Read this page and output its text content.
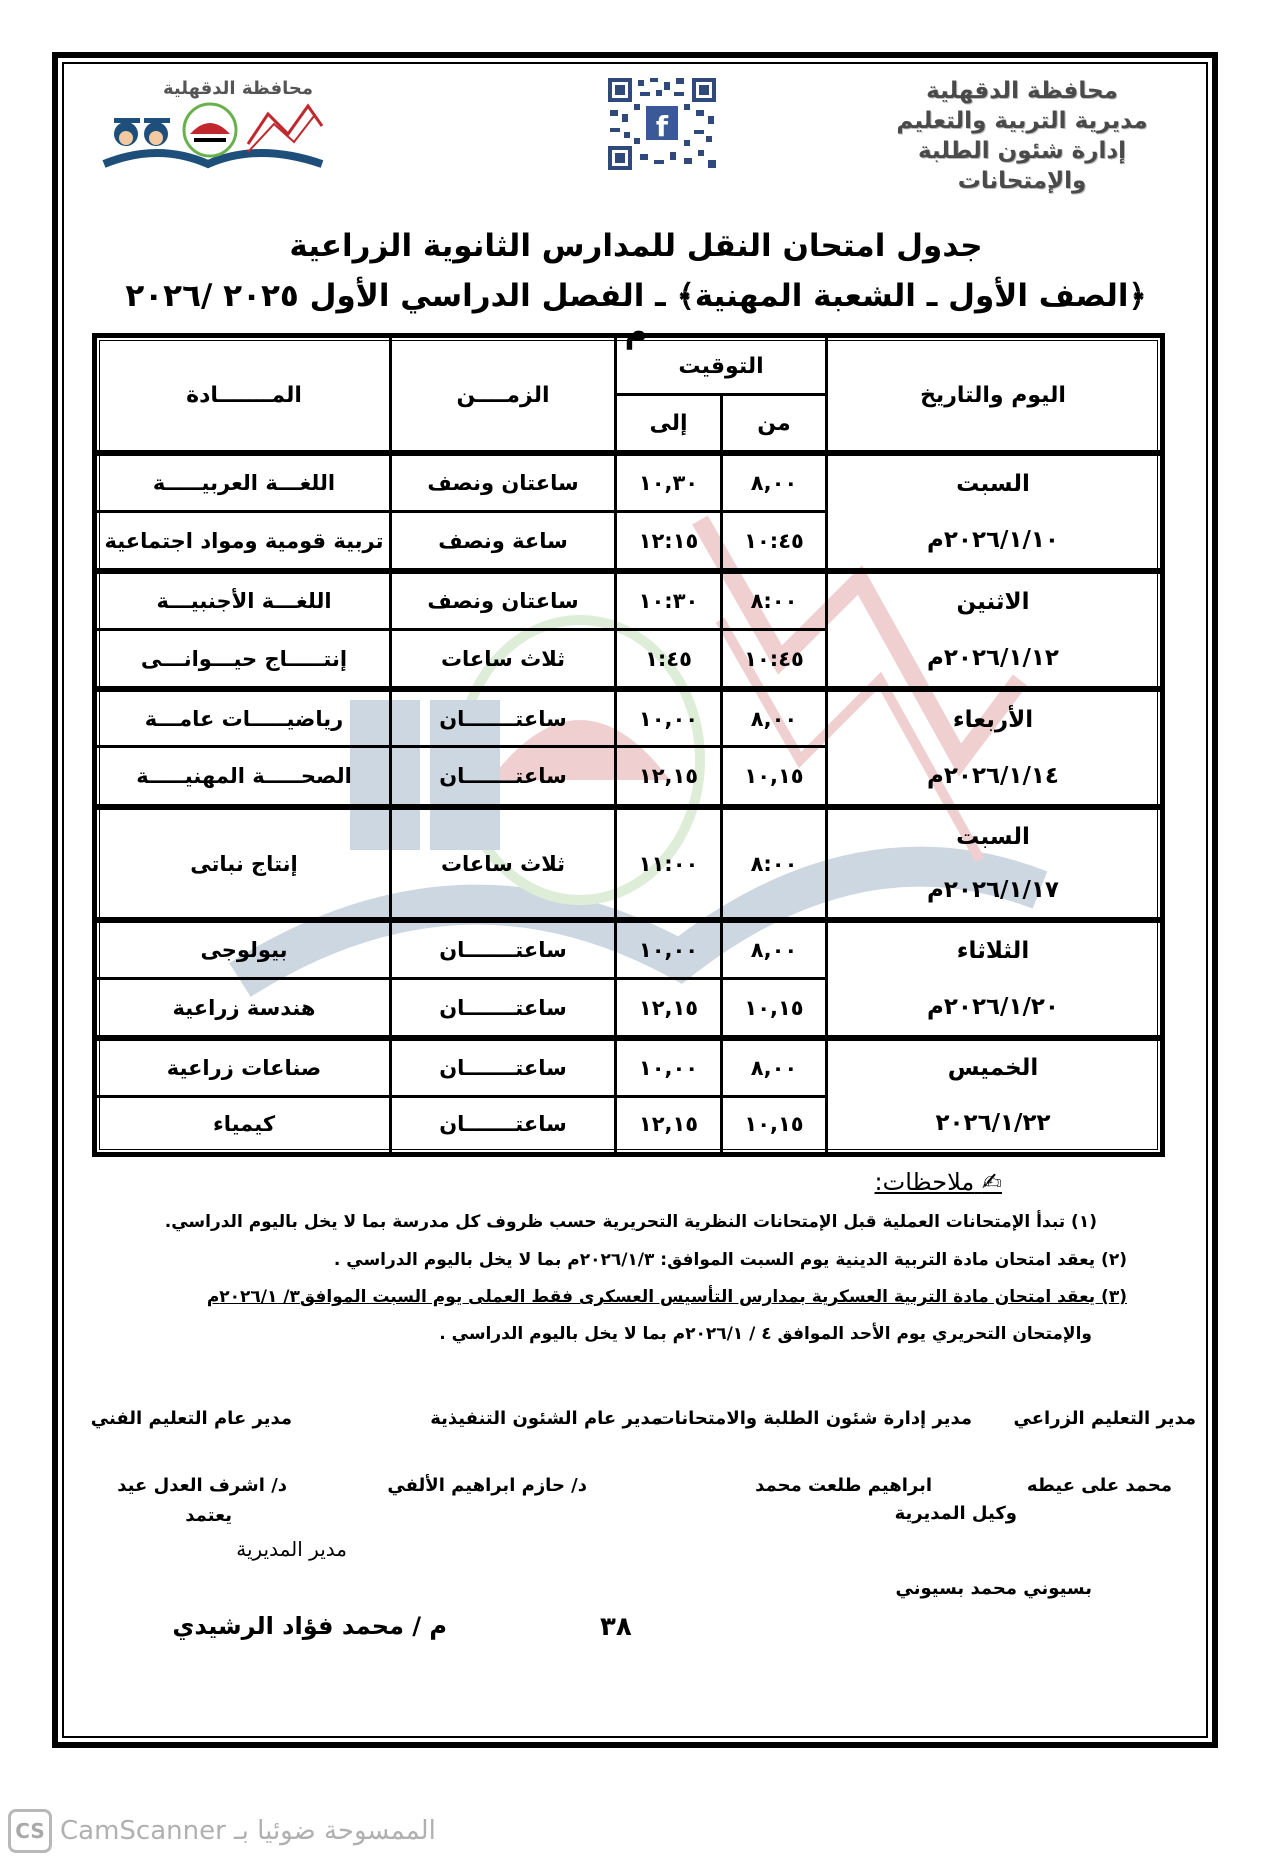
محافظة الدقهلية
مديرية التربية والتعليم
إدارة شئون الطلبة والإمتحانات
f
محافظة الدقهلية
جدول امتحان النقل للمدارس الثانوية الزراعية
﴿الصف الأول ـ الشعبة المهنية﴾ ـ الفصل الدراسي الأول ٢٠٢٥ /٢٠٢٦ م
اليوم والتاريخ
التوقيت
من
إلى
الزمــــن
المـــــــادة
السبت
٢٠٢٦/١/١٠م
٨,٠٠
١٠,٣٠
ساعتان ونصف
اللغـــة العربيـــــة
١٠:٤٥
١٢:١٥
ساعة ونصف
تربية قومية ومواد اجتماعية
الاثنين
٢٠٢٦/١/١٢م
٨:٠٠
١٠:٣٠
ساعتان ونصف
اللغـــة الأجنبيـــة
١٠:٤٥
١:٤٥
ثلاث ساعات
إنتـــــاج حيـــوانـــى
الأربعاء
٢٠٢٦/١/١٤م
٨,٠٠
١٠,٠٠
ساعتـــــــان
رياضيـــــات عامـــة
١٠,١٥
١٢,١٥
ساعتـــــــان
الصحـــــة المهنيـــــة
السبت
٢٠٢٦/١/١٧م
٨:٠٠
١١:٠٠
ثلاث ساعات
إنتاج نباتى
الثلاثاء
٢٠٢٦/١/٢٠م
٨,٠٠
١٠,٠٠
ساعتـــــــان
بيولوجى
١٠,١٥
١٢,١٥
ساعتـــــــان
هندسة زراعية
الخميس
٢٠٢٦/١/٢٢
٨,٠٠
١٠,٠٠
ساعتـــــــان
صناعات زراعية
١٠,١٥
١٢,١٥
ساعتـــــــان
كيمياء
✍ ملاحظات:
(١) تبدأ الإمتحانات العملية قبل الإمتحانات النظرية التحريرية حسب ظروف كل مدرسة بما لا يخل باليوم الدراسي.
(٢) يعقد امتحان مادة التربية الدينية يوم السبت الموافق: ٢٠٢٦/١/٣م بما لا يخل باليوم الدراسي .
(٣) يعقد امتحان مادة التربية العسكرية بمدارس التأسيس العسكرى فقط العملى يوم السبت الموافق٣/ ٢٠٢٦/١م
والإمتحان التحريري يوم الأحد الموافق ٤ / ٢٠٢٦/١م بما لا يخل باليوم الدراسي .
مدير التعليم الزراعي
مدير إدارة شئون الطلبة والامتحانات
مدير عام الشئون التنفيذية
مدير عام التعليم الفني
محمد على عيطه
ابراهيم طلعت محمد
د/ حازم ابراهيم الألفي
د/ اشرف العدل عيد
وكيل المديرية
يعتمد
مدير المديرية
بسيوني محمد بسيوني
م / محمد فؤاد الرشيدي	٣٨
CS الممسوحة ضوئيا بـ CamScanner
